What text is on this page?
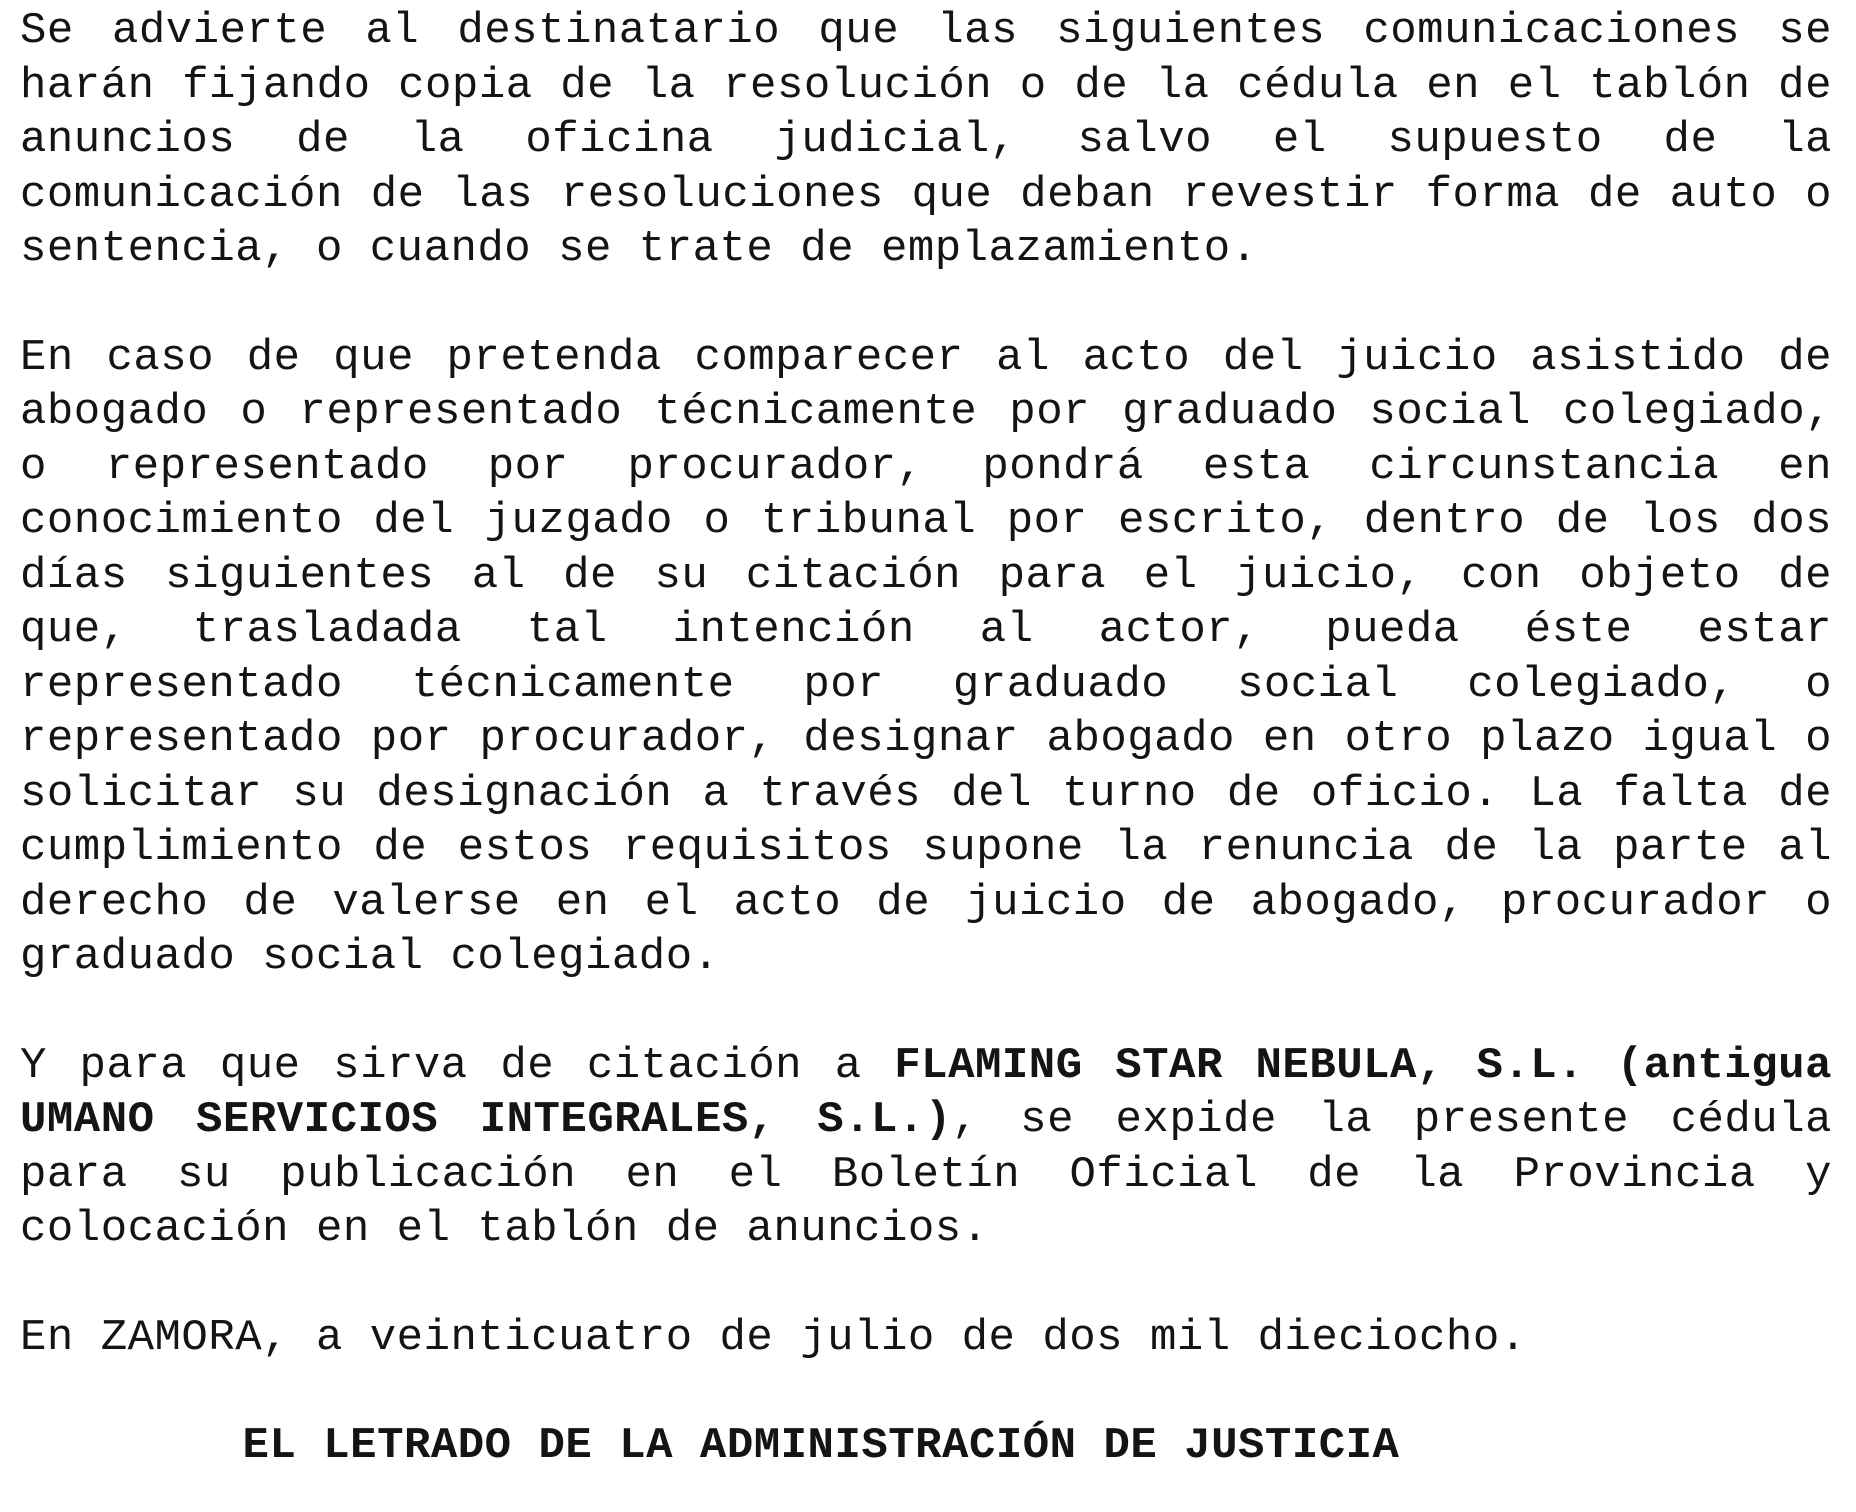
Se advierte al destinatario que las siguientes comunicaciones se harán fijando copia de la resolución o de la cédula en el tablón de anuncios de la oficina judicial, salvo el supuesto de la comunicación de las resoluciones que deban revestir forma de auto o sentencia, o cuando se trate de emplazamiento.

En caso de que pretenda comparecer al acto del juicio asistido de abogado o representado técnicamente por graduado social colegiado, o representado por procurador, pondrá esta circunstancia en conocimiento del juzgado o tribunal por escrito, dentro de los dos días siguientes al de su citación para el juicio, con objeto de que, trasladada tal intención al actor, pueda éste estar representado técnicamente por graduado social colegiado, o representado por procurador, designar abogado en otro plazo igual o solicitar su designación a través del turno de oficio. La falta de cumplimiento de estos requisitos supone la renuncia de la parte al derecho de valerse en el acto de juicio de abogado, procurador o graduado social colegiado.

Y para que sirva de citación a FLAMING STAR NEBULA, S.L. (antigua UMANO SERVICIOS INTEGRALES, S.L.), se expide la presente cédula para su publicación en el Boletín Oficial de la Provincia y colocación en el tablón de anuncios.

En ZAMORA, a veinticuatro de julio de dos mil dieciocho.

EL LETRADO DE LA ADMINISTRACIÓN DE JUSTICIA
